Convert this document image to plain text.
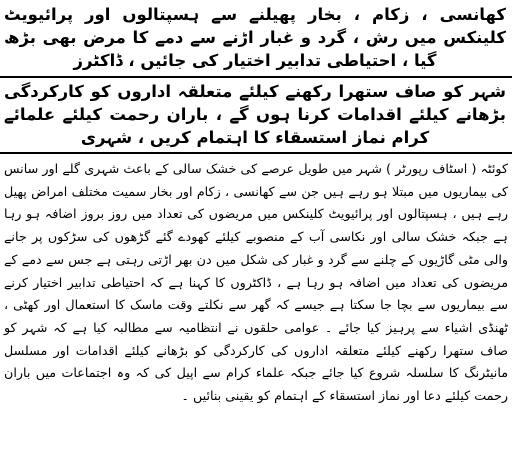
کھانسی ، زکام ، بخار پھیلنے سے ہسپتالوں اور پرائیویٹ کلینکس میں رش ، گرد و غبار اڑنے سے دمے کا مرض بھی بڑھ گیا ، احتیاطی تدابیر اختیار کی جائیں ، ڈاکٹرز
شہر کو صاف ستھرا رکھنے کیلئے متعلقہ اداروں کو کارکردگی بڑھانے کیلئے اقدامات کرنا ہوں گے ، باران رحمت کیلئے علمائے کرام نماز استسقاء کا اہتمام کریں ، شہری
کوئٹہ ( اسٹاف رپورٹر ) شہر میں طویل عرصے کی خشک سالی کے باعث شہری گلے اور سانس کی بیماریوں میں مبتلا ہو رہے ہیں جن سے کھانسی ، زکام اور بخار سمیت مختلف امراض پھیل رہے ہیں ، ہسپتالوں اور پرائیویٹ کلینکس میں مریضوں کی تعداد میں روز بروز اضافہ ہو رہا ہے جبکہ خشک سالی اور نکاسی آب کے منصوبے کیلئے کھودے گئے گڑھوں کی سڑکوں پر جانے والی مٹی گاڑیوں کے چلنے سے گرد و غبار کی شکل میں دن بھر اڑتی رہتی ہے جس سے دمے کے مریضوں کی تعداد میں اضافہ ہو رہا ہے ، ڈاکٹروں کا کہنا ہے کہ احتیاطی تدابیر اختیار کرنے سے بیماریوں سے بچا جا سکتا ہے جیسے کہ گھر سے نکلتے وقت ماسک کا استعمال اور کھٹی ، ٹھنڈی اشیاء سے پرہیز کیا جائے ۔ عوامی حلقوں نے انتظامیہ سے مطالبہ کیا ہے کہ شہر کو صاف ستھرا رکھنے کیلئے متعلقہ اداروں کی کارکردگی کو بڑھانے کیلئے اقدامات اور مسلسل مانیٹرنگ کا سلسلہ شروع کیا جائے جبکہ علماء کرام سے اپیل کی کہ وہ اجتماعات میں باران رحمت کیلئے دعا اور نماز استسقاء کے اہتمام کو یقینی بنائیں ۔
